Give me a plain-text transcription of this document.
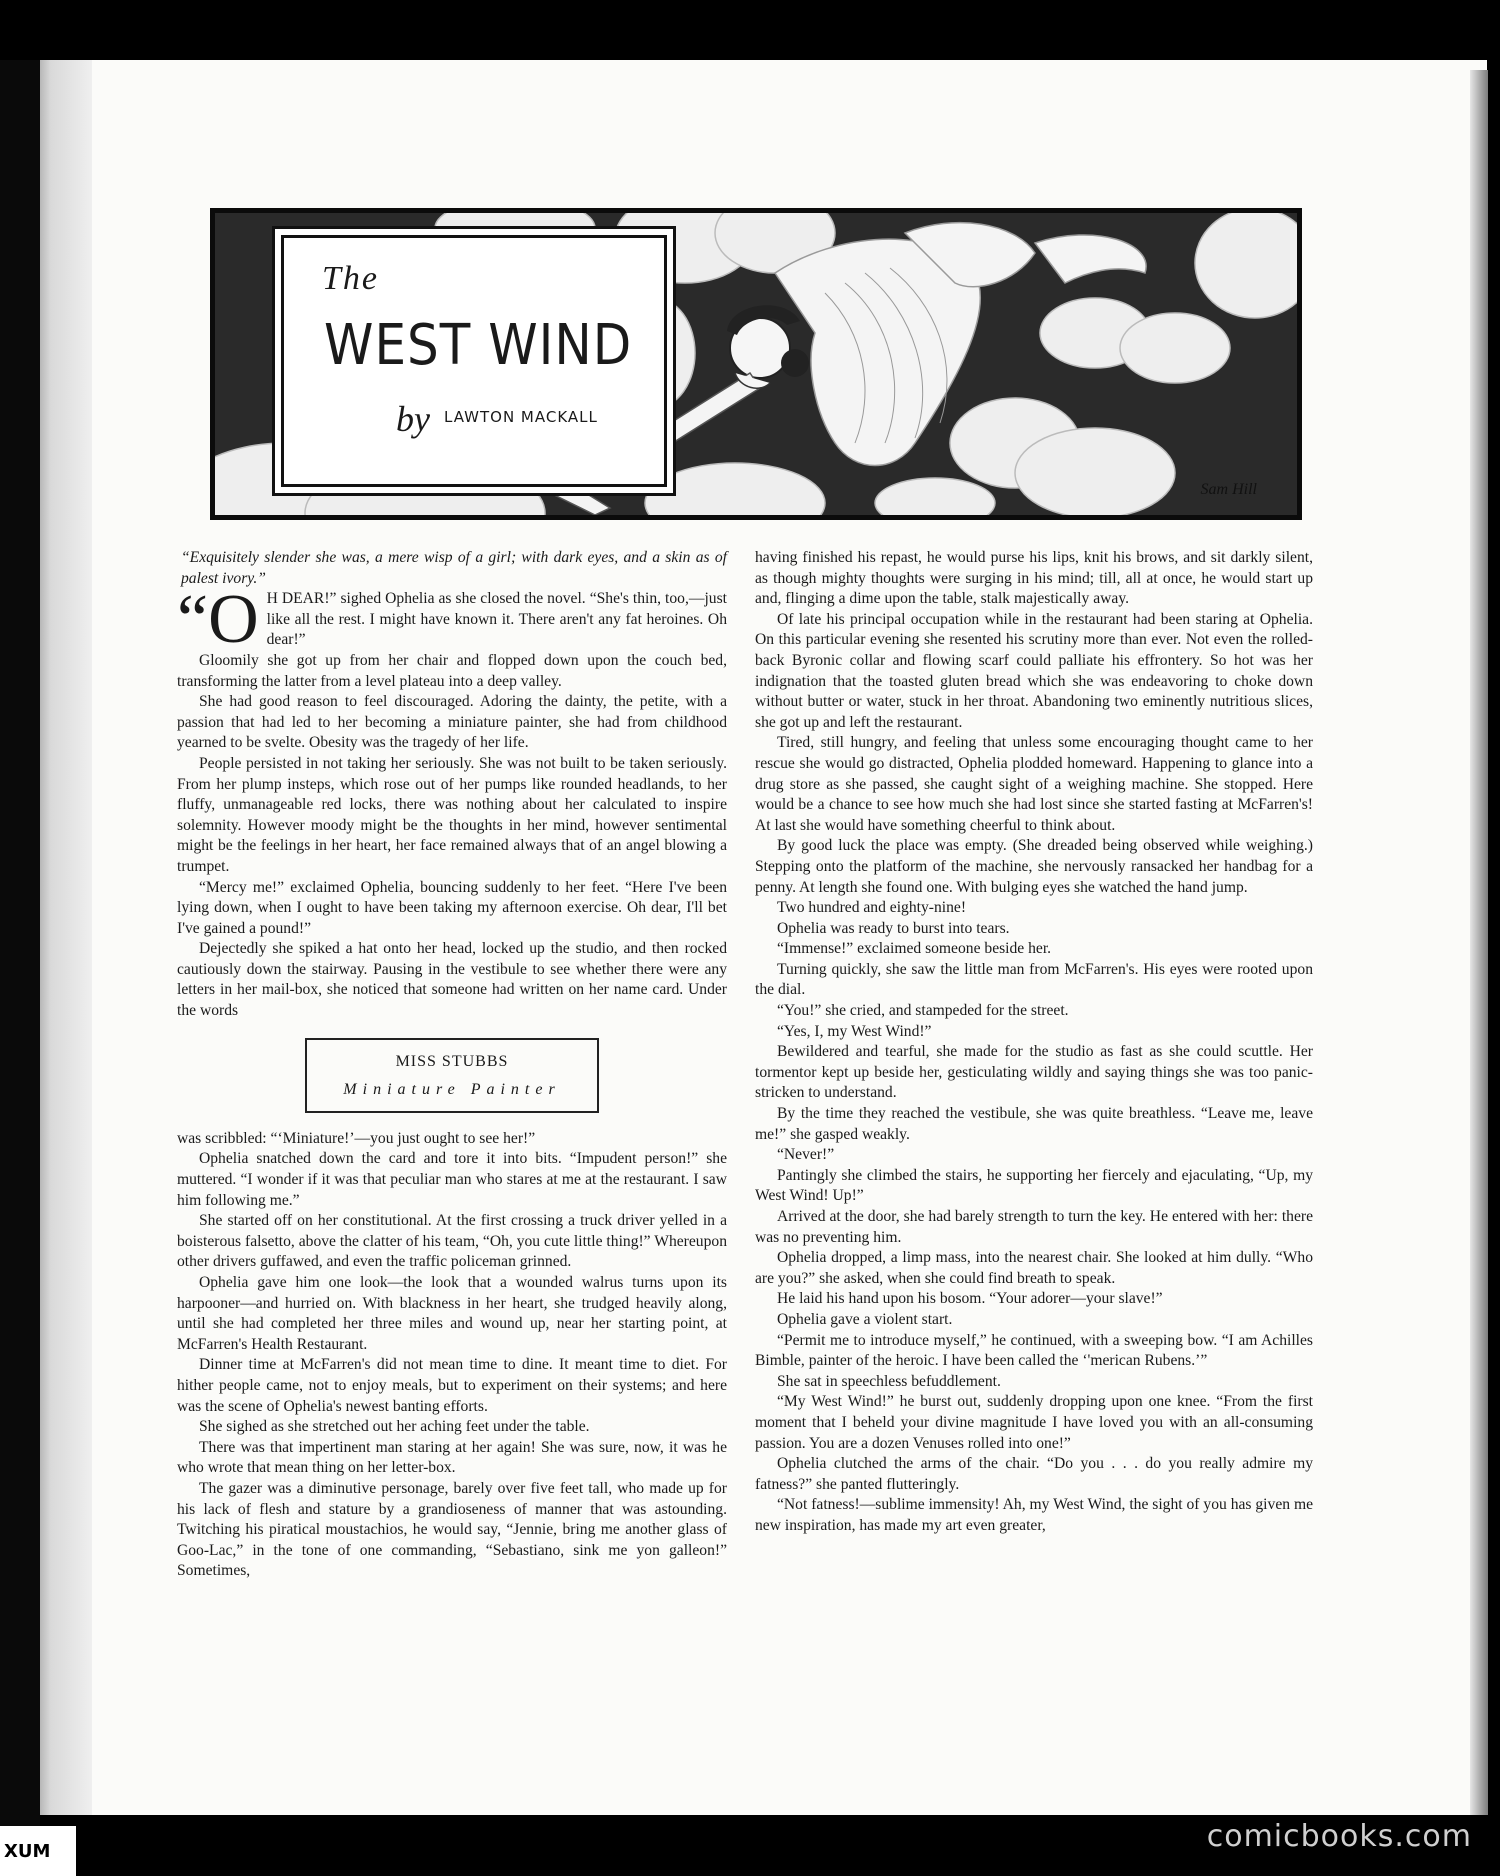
The
WEST WIND
by LAWTON MACKALL
Sam Hill

“Exquisitely slender she was, a mere wisp of a girl; with dark eyes, and a skin as of palest ivory.”

“O H DEAR!” sighed Ophelia as she closed the novel. “She's thin, too,—just like all the rest. I might have known it. There aren't any fat heroines. Oh dear!”

Gloomily she got up from her chair and flopped down upon the couch bed, transforming the latter from a level plateau into a deep valley.

She had good reason to feel discouraged. Adoring the dainty, the petite, with a passion that had led to her becoming a miniature painter, she had from childhood yearned to be svelte. Obesity was the tragedy of her life.

People persisted in not taking her seriously. She was not built to be taken seriously. From her plump insteps, which rose out of her pumps like rounded headlands, to her fluffy, unmanageable red locks, there was nothing about her calculated to inspire solemnity. However moody might be the thoughts in her mind, however sentimental might be the feelings in her heart, her face remained always that of an angel blowing a trumpet.

“Mercy me!” exclaimed Ophelia, bouncing suddenly to her feet. “Here I've been lying down, when I ought to have been taking my afternoon exercise. Oh dear, I'll bet I've gained a pound!”

Dejectedly she spiked a hat onto her head, locked up the studio, and then rocked cautiously down the stairway. Pausing in the vestibule to see whether there were any letters in her mail-box, she noticed that someone had written on her name card. Under the words

MISS STUBBS
Miniature Painter

was scribbled: “‘Miniature!’—you just ought to see her!”

Ophelia snatched down the card and tore it into bits. “Impudent person!” she muttered. “I wonder if it was that peculiar man who stares at me at the restaurant. I saw him following me.”

She started off on her constitutional. At the first crossing a truck driver yelled in a boisterous falsetto, above the clatter of his team, “Oh, you cute little thing!” Whereupon other drivers guffawed, and even the traffic policeman grinned.

Ophelia gave him one look—the look that a wounded walrus turns upon its harpooner—and hurried on. With blackness in her heart, she trudged heavily along, until she had completed her three miles and wound up, near her starting point, at McFarren's Health Restaurant.

Dinner time at McFarren's did not mean time to dine. It meant time to diet. For hither people came, not to enjoy meals, but to experiment on their systems; and here was the scene of Ophelia's newest banting efforts.

She sighed as she stretched out her aching feet under the table.

There was that impertinent man staring at her again! She was sure, now, it was he who wrote that mean thing on her letter-box.

The gazer was a diminutive personage, barely over five feet tall, who made up for his lack of flesh and stature by a grandioseness of manner that was astounding. Twitching his piratical moustachios, he would say, “Jennie, bring me another glass of Goo-Lac,” in the tone of one commanding, “Sebastiano, sink me yon galleon!” Sometimes,

having finished his repast, he would purse his lips, knit his brows, and sit darkly silent, as though mighty thoughts were surging in his mind; till, all at once, he would start up and, flinging a dime upon the table, stalk majestically away.

Of late his principal occupation while in the restaurant had been staring at Ophelia. On this particular evening she resented his scrutiny more than ever. Not even the rolled-back Byronic collar and flowing scarf could palliate his effrontery. So hot was her indignation that the toasted gluten bread which she was endeavoring to choke down without butter or water, stuck in her throat. Abandoning two eminently nutritious slices, she got up and left the restaurant.

Tired, still hungry, and feeling that unless some encouraging thought came to her rescue she would go distracted, Ophelia plodded homeward. Happening to glance into a drug store as she passed, she caught sight of a weighing machine. She stopped. Here would be a chance to see how much she had lost since she started fasting at McFarren's! At last she would have something cheerful to think about.

By good luck the place was empty. (She dreaded being observed while weighing.) Stepping onto the platform of the machine, she nervously ransacked her handbag for a penny. At length she found one. With bulging eyes she watched the hand jump.

Two hundred and eighty-nine!

Ophelia was ready to burst into tears.

“Immense!” exclaimed someone beside her.

Turning quickly, she saw the little man from McFarren's. His eyes were rooted upon the dial.

“You!” she cried, and stampeded for the street.

“Yes, I, my West Wind!”

Bewildered and tearful, she made for the studio as fast as she could scuttle. Her tormentor kept up beside her, gesticulating wildly and saying things she was too panic-stricken to understand.

By the time they reached the vestibule, she was quite breathless. “Leave me, leave me!” she gasped weakly.

“Never!”

Pantingly she climbed the stairs, he supporting her fiercely and ejaculating, “Up, my West Wind! Up!”

Arrived at the door, she had barely strength to turn the key. He entered with her: there was no preventing him.

Ophelia dropped, a limp mass, into the nearest chair. She looked at him dully. “Who are you?” she asked, when she could find breath to speak.

He laid his hand upon his bosom. “Your adorer—your slave!”

Ophelia gave a violent start.

“Permit me to introduce myself,” he continued, with a sweeping bow. “I am Achilles Bimble, painter of the heroic. I have been called the ‘'merican Rubens.’”

She sat in speechless befuddlement.

“My West Wind!” he burst out, suddenly dropping upon one knee. “From the first moment that I beheld your divine magnitude I have loved you with an all-consuming passion. You are a dozen Venuses rolled into one!”

Ophelia clutched the arms of the chair. “Do you . . . do you really admire my fatness?” she panted flutteringly.

“Not fatness!—sublime immensity! Ah, my West Wind, the sight of you has given me new inspiration, has made my art even greater,

comicbooks.com
XUM
